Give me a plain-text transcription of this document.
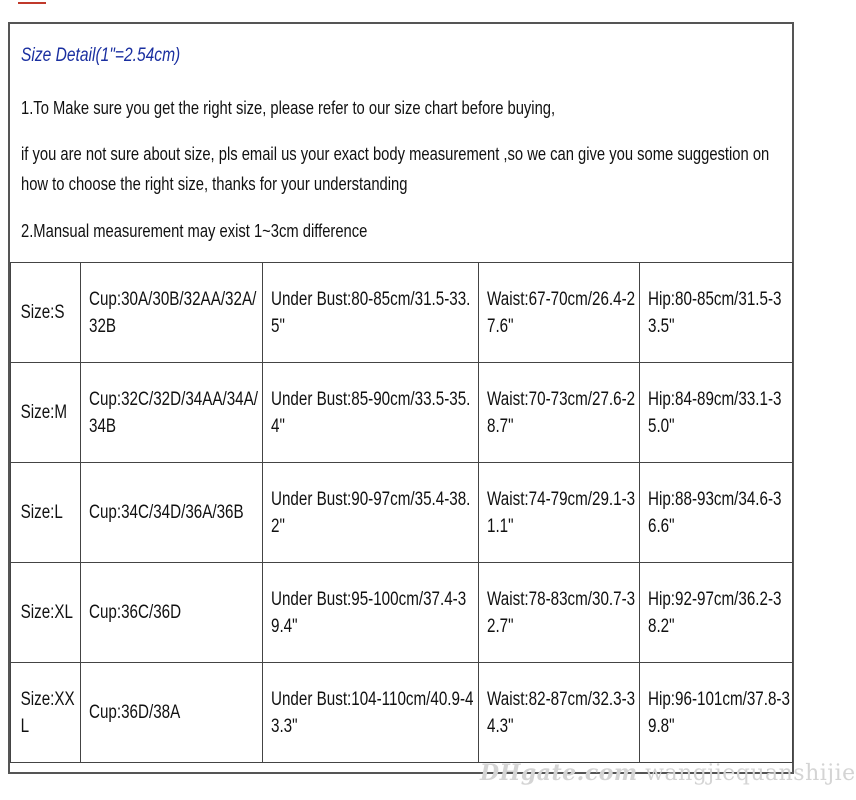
Size Detail(1"=2.54cm)
1.To Make sure you get the right size, please refer to our size chart before buying,
if you are not sure about size, pls email us your exact body measurement ,so we can give you some suggestion on
how to choose the right size, thanks for your understanding
2.Mansual measurement may exist 1~3cm difference
Size:S	Cup:30A/30B/32AA/32A/32B	Under Bust:80-85cm/31.5-33.5"	Waist:67-70cm/26.4-27.6"	Hip:80-85cm/31.5-33.5"

Size:M	Cup:32C/32D/34AA/34A/34B	Under Bust:85-90cm/33.5-35.4"	Waist:70-73cm/27.6-28.7"	Hip:84-89cm/33.1-35.0"

Size:L	Cup:34C/34D/36A/36B	Under Bust:90-97cm/35.4-38.2"	Waist:74-79cm/29.1-31.1"	Hip:88-93cm/34.6-36.6"

Size:XL	Cup:36C/36D	Under Bust:95-100cm/37.4-39.4"	Waist:78-83cm/30.7-32.7"	Hip:92-97cm/36.2-38.2"

Size:XXL	Cup:36D/38A	Under Bust:104-110cm/40.9-43.3"	Waist:82-87cm/32.3-34.3"	Hip:96-101cm/37.8-39.8"
DHgate.com wangjiequanshijie
